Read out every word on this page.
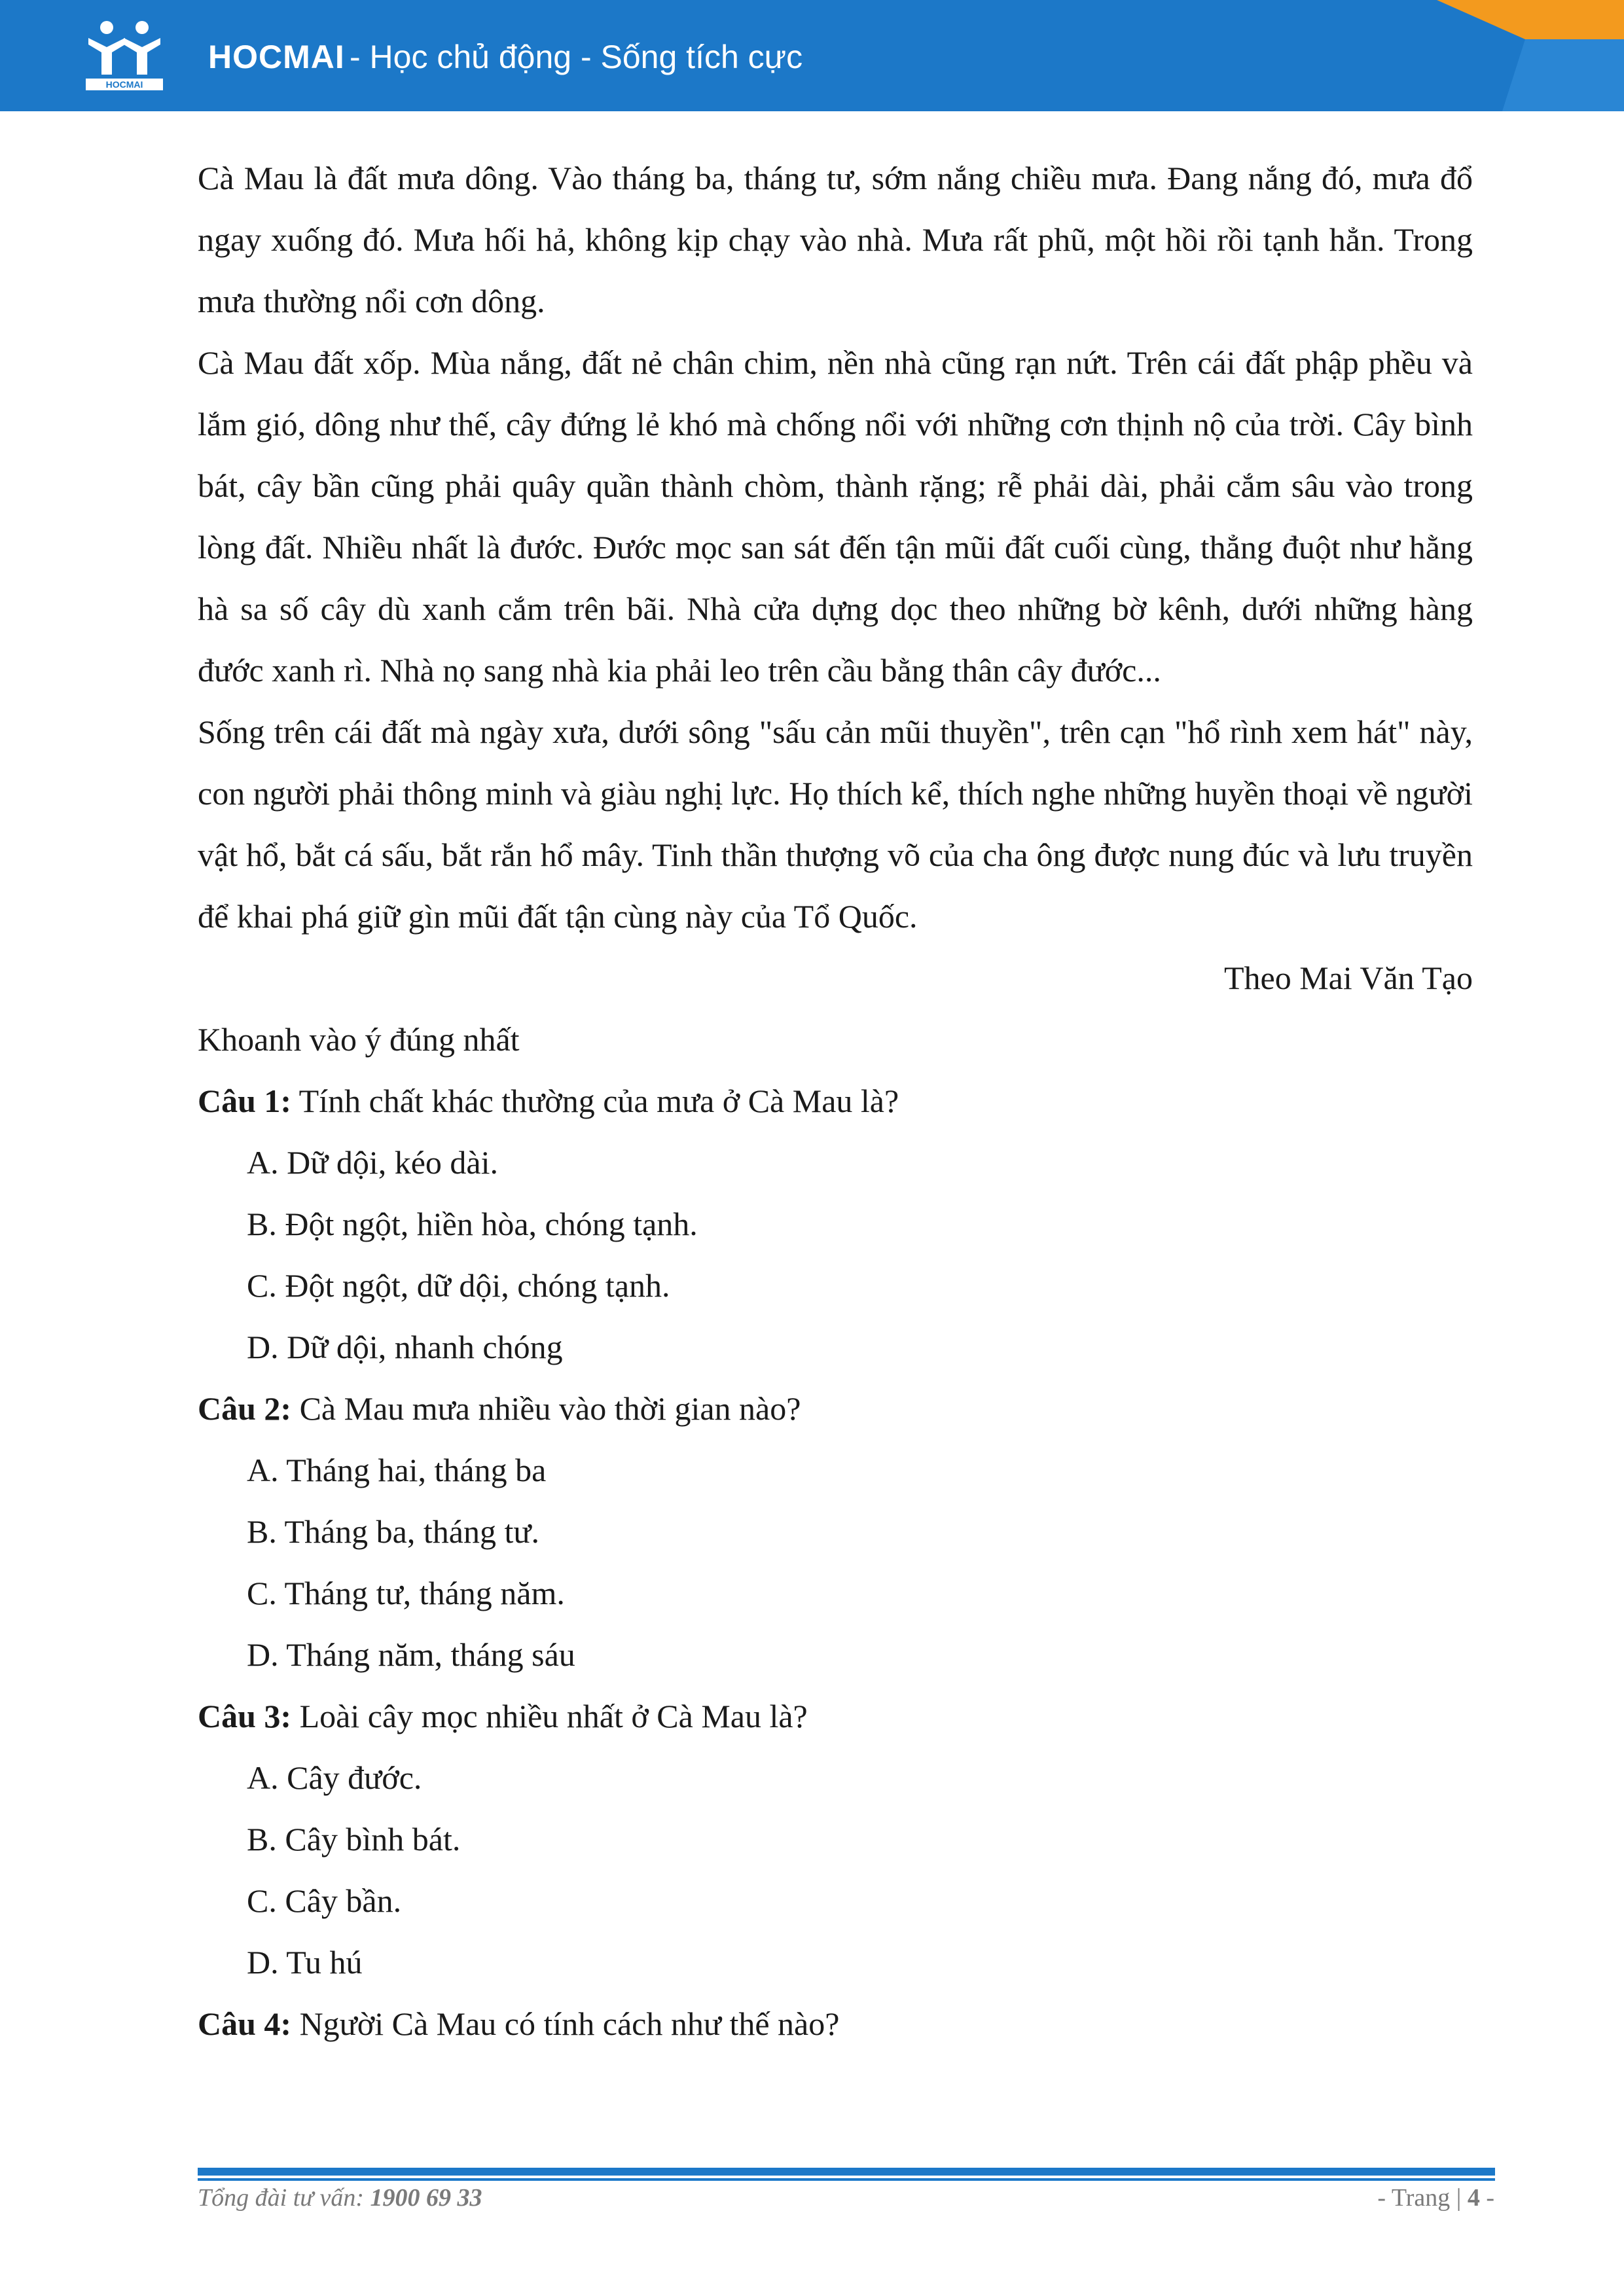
HOCMAI
HOCMAI - Học chủ động - Sống tích cực

Cà Mau là đất mưa dông. Vào tháng ba, tháng tư, sớm nắng chiều mưa. Đang nắng đó, mưa đổ ngay xuống đó. Mưa hối hả, không kịp chạy vào nhà. Mưa rất phũ, một hồi rồi tạnh hẳn. Trong mưa thường nổi cơn dông.

Cà Mau đất xốp. Mùa nắng, đất nẻ chân chim, nền nhà cũng rạn nứt. Trên cái đất phập phều và lắm gió, dông như thế, cây đứng lẻ khó mà chống nổi với những cơn thịnh nộ của trời. Cây bình bát, cây bần cũng phải quây quần thành chòm, thành rặng; rễ phải dài, phải cắm sâu vào trong lòng đất. Nhiều nhất là đước. Đước mọc san sát đến tận mũi đất cuối cùng, thẳng đuột như hằng hà sa số cây dù xanh cắm trên bãi. Nhà cửa dựng dọc theo những bờ kênh, dưới những hàng đước xanh rì. Nhà nọ sang nhà kia phải leo trên cầu bằng thân cây đước...

Sống trên cái đất mà ngày xưa, dưới sông "sấu cản mũi thuyền", trên cạn "hổ rình xem hát" này, con người phải thông minh và giàu nghị lực. Họ thích kể, thích nghe những huyền thoại về người vật hổ, bắt cá sấu, bắt rắn hổ mây. Tinh thần thượng võ của cha ông được nung đúc và lưu truyền để khai phá giữ gìn mũi đất tận cùng này của Tổ Quốc.

Theo Mai Văn Tạo

Khoanh vào ý đúng nhất

Câu 1: Tính chất khác thường của mưa ở Cà Mau là?

A. Dữ dội, kéo dài.

B. Đột ngột, hiền hòa, chóng tạnh.

C. Đột ngột, dữ dội, chóng tạnh.

D. Dữ dội, nhanh chóng

Câu 2: Cà Mau mưa nhiều vào thời gian nào?

A. Tháng hai, tháng ba

B. Tháng ba, tháng tư.

C. Tháng tư, tháng năm.

D. Tháng năm, tháng sáu

Câu 3: Loài cây mọc nhiều nhất ở Cà Mau là?

A. Cây đước.

B. Cây bình bát.

C. Cây bần.

D. Tu hú

Câu 4: Người Cà Mau có tính cách như thế nào?

Tổng đài tư vấn: 1900 69 33	- Trang | 4 -
